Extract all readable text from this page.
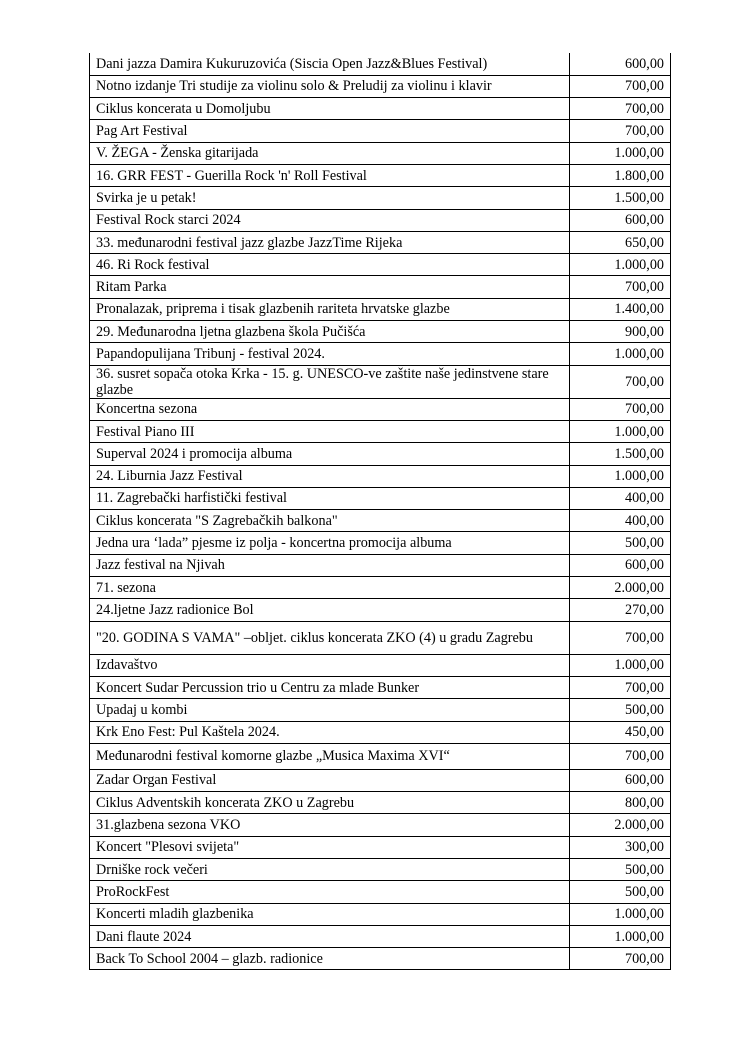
Dani jazza Damira Kukuruzovića (Siscia Open Jazz&Blues Festival)	600,00
Notno izdanje Tri studije za violinu solo & Preludij za violinu i klavir	700,00
Ciklus koncerata u Domoljubu	700,00
Pag Art Festival	700,00
V. ŽEGA - Ženska gitarijada	1.000,00
16. GRR FEST - Guerilla Rock 'n' Roll Festival	1.800,00
Svirka je u petak!	1.500,00
Festival Rock starci 2024	600,00
33. međunarodni festival jazz glazbe JazzTime Rijeka	650,00
46. Ri Rock festival	1.000,00
Ritam Parka	700,00
Pronalazak, priprema i tisak glazbenih rariteta hrvatske glazbe	1.400,00
29. Međunarodna ljetna glazbena škola Pučišća	900,00
Papandopulijana Tribunj - festival 2024.	1.000,00
36. susret sopača otoka Krka - 15. g. UNESCO-ve zaštite naše jedinstvene stare glazbe	700,00
Koncertna sezona	700,00
Festival Piano III	1.000,00
Superval 2024 i promocija albuma	1.500,00
24. Liburnia Jazz Festival	1.000,00
11. Zagrebački harfistički festival	400,00
Ciklus koncerata "S Zagrebačkih balkona"	400,00
Jedna ura ‘lada” pjesme iz polja - koncertna promocija albuma	500,00
Jazz festival na Njivah	600,00
71. sezona	2.000,00
24.ljetne Jazz radionice Bol	270,00
"20. GODINA S VAMA" –obljet. ciklus koncerata ZKO (4) u gradu Zagrebu	700,00
Izdavaštvo	1.000,00
Koncert Sudar Percussion trio u Centru za mlade Bunker	700,00
Upadaj u kombi	500,00
Krk Eno Fest: Pul Kaštela 2024.	450,00
Međunarodni festival komorne glazbe „Musica Maxima XVI“	700,00
Zadar Organ Festival	600,00
Ciklus Adventskih koncerata ZKO u Zagrebu	800,00
31.glazbena sezona VKO	2.000,00
Koncert "Plesovi svijeta"	300,00
Drniške rock večeri	500,00
ProRockFest	500,00
Koncerti mladih glazbenika	1.000,00
Dani flaute 2024	1.000,00
Back To School 2004 – glazb. radionice	700,00
